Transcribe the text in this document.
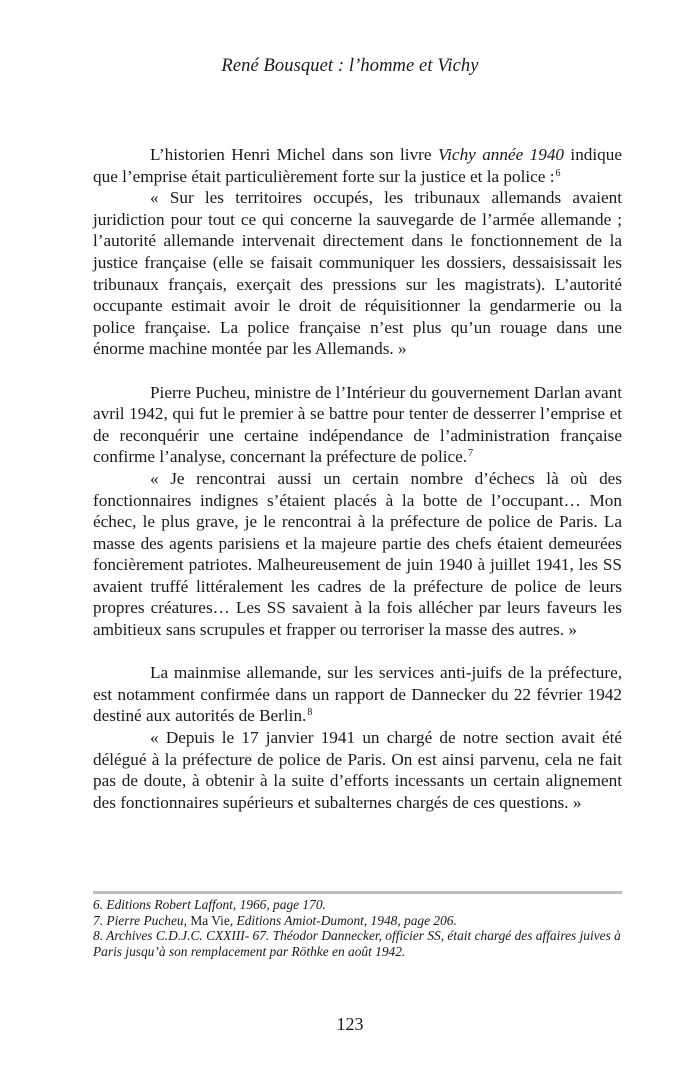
René Bousquet : l’homme et Vichy

L’historien Henri Michel dans son livre Vichy année 1940 indique que l’emprise était particulièrement forte sur la justice et la police :$^6$

« Sur les territoires occupés, les tribunaux allemands avaient juridiction pour tout ce qui concerne la sauvegarde de l’armée allemande ; l’autorité allemande intervenait directement dans le fonctionnement de la justice française (elle se faisait communiquer les dossiers, dessaisissait les tribunaux français, exerçait des pressions sur les magistrats). L’autorité occupante estimait avoir le droit de réquisitionner la gendarmerie ou la police française. La police française n’est plus qu’un rouage dans une énorme machine montée par les Allemands. »

Pierre Pucheu, ministre de l’Intérieur du gouvernement Darlan avant avril 1942, qui fut le premier à se battre pour tenter de desserrer l’emprise et de reconquérir une certaine indépendance de l’administration française confirme l’analyse, concernant la préfecture de police.$^7$

« Je rencontrai aussi un certain nombre d’échecs là où des fonctionnaires indignes s’étaient placés à la botte de l’occupant… Mon échec, le plus grave, je le rencontrai à la préfecture de police de Paris. La masse des agents parisiens et la majeure partie des chefs étaient demeurées foncièrement patriotes. Malheureusement de juin 1940 à juillet 1941, les SS avaient truffé littéralement les cadres de la préfecture de police de leurs propres créatures… Les SS savaient à la fois allécher par leurs faveurs les ambitieux sans scrupules et frapper ou terroriser la masse des autres. »

La mainmise allemande, sur les services anti-juifs de la préfecture, est notamment confirmée dans un rapport de Dannecker du 22 février 1942 destiné aux autorités de Berlin.$^8$

« Depuis le 17 janvier 1941 un chargé de notre section avait été délégué à la préfecture de police de Paris. On est ainsi parvenu, cela ne fait pas de doute, à obtenir à la suite d’efforts incessants un certain alignement des fonctionnaires supérieurs et subalternes chargés de ces questions. »

6. Editions Robert Laffont, 1966, page 170.

7. Pierre Pucheu, Ma Vie, Editions Amiot-Dumont, 1948, page 206.

8. Archives C.D.J.C. CXXIII- 67. Théodor Dannecker, officier SS, était chargé des affaires juives à

Paris jusqu’à son remplacement par Röthke en août 1942.

123
